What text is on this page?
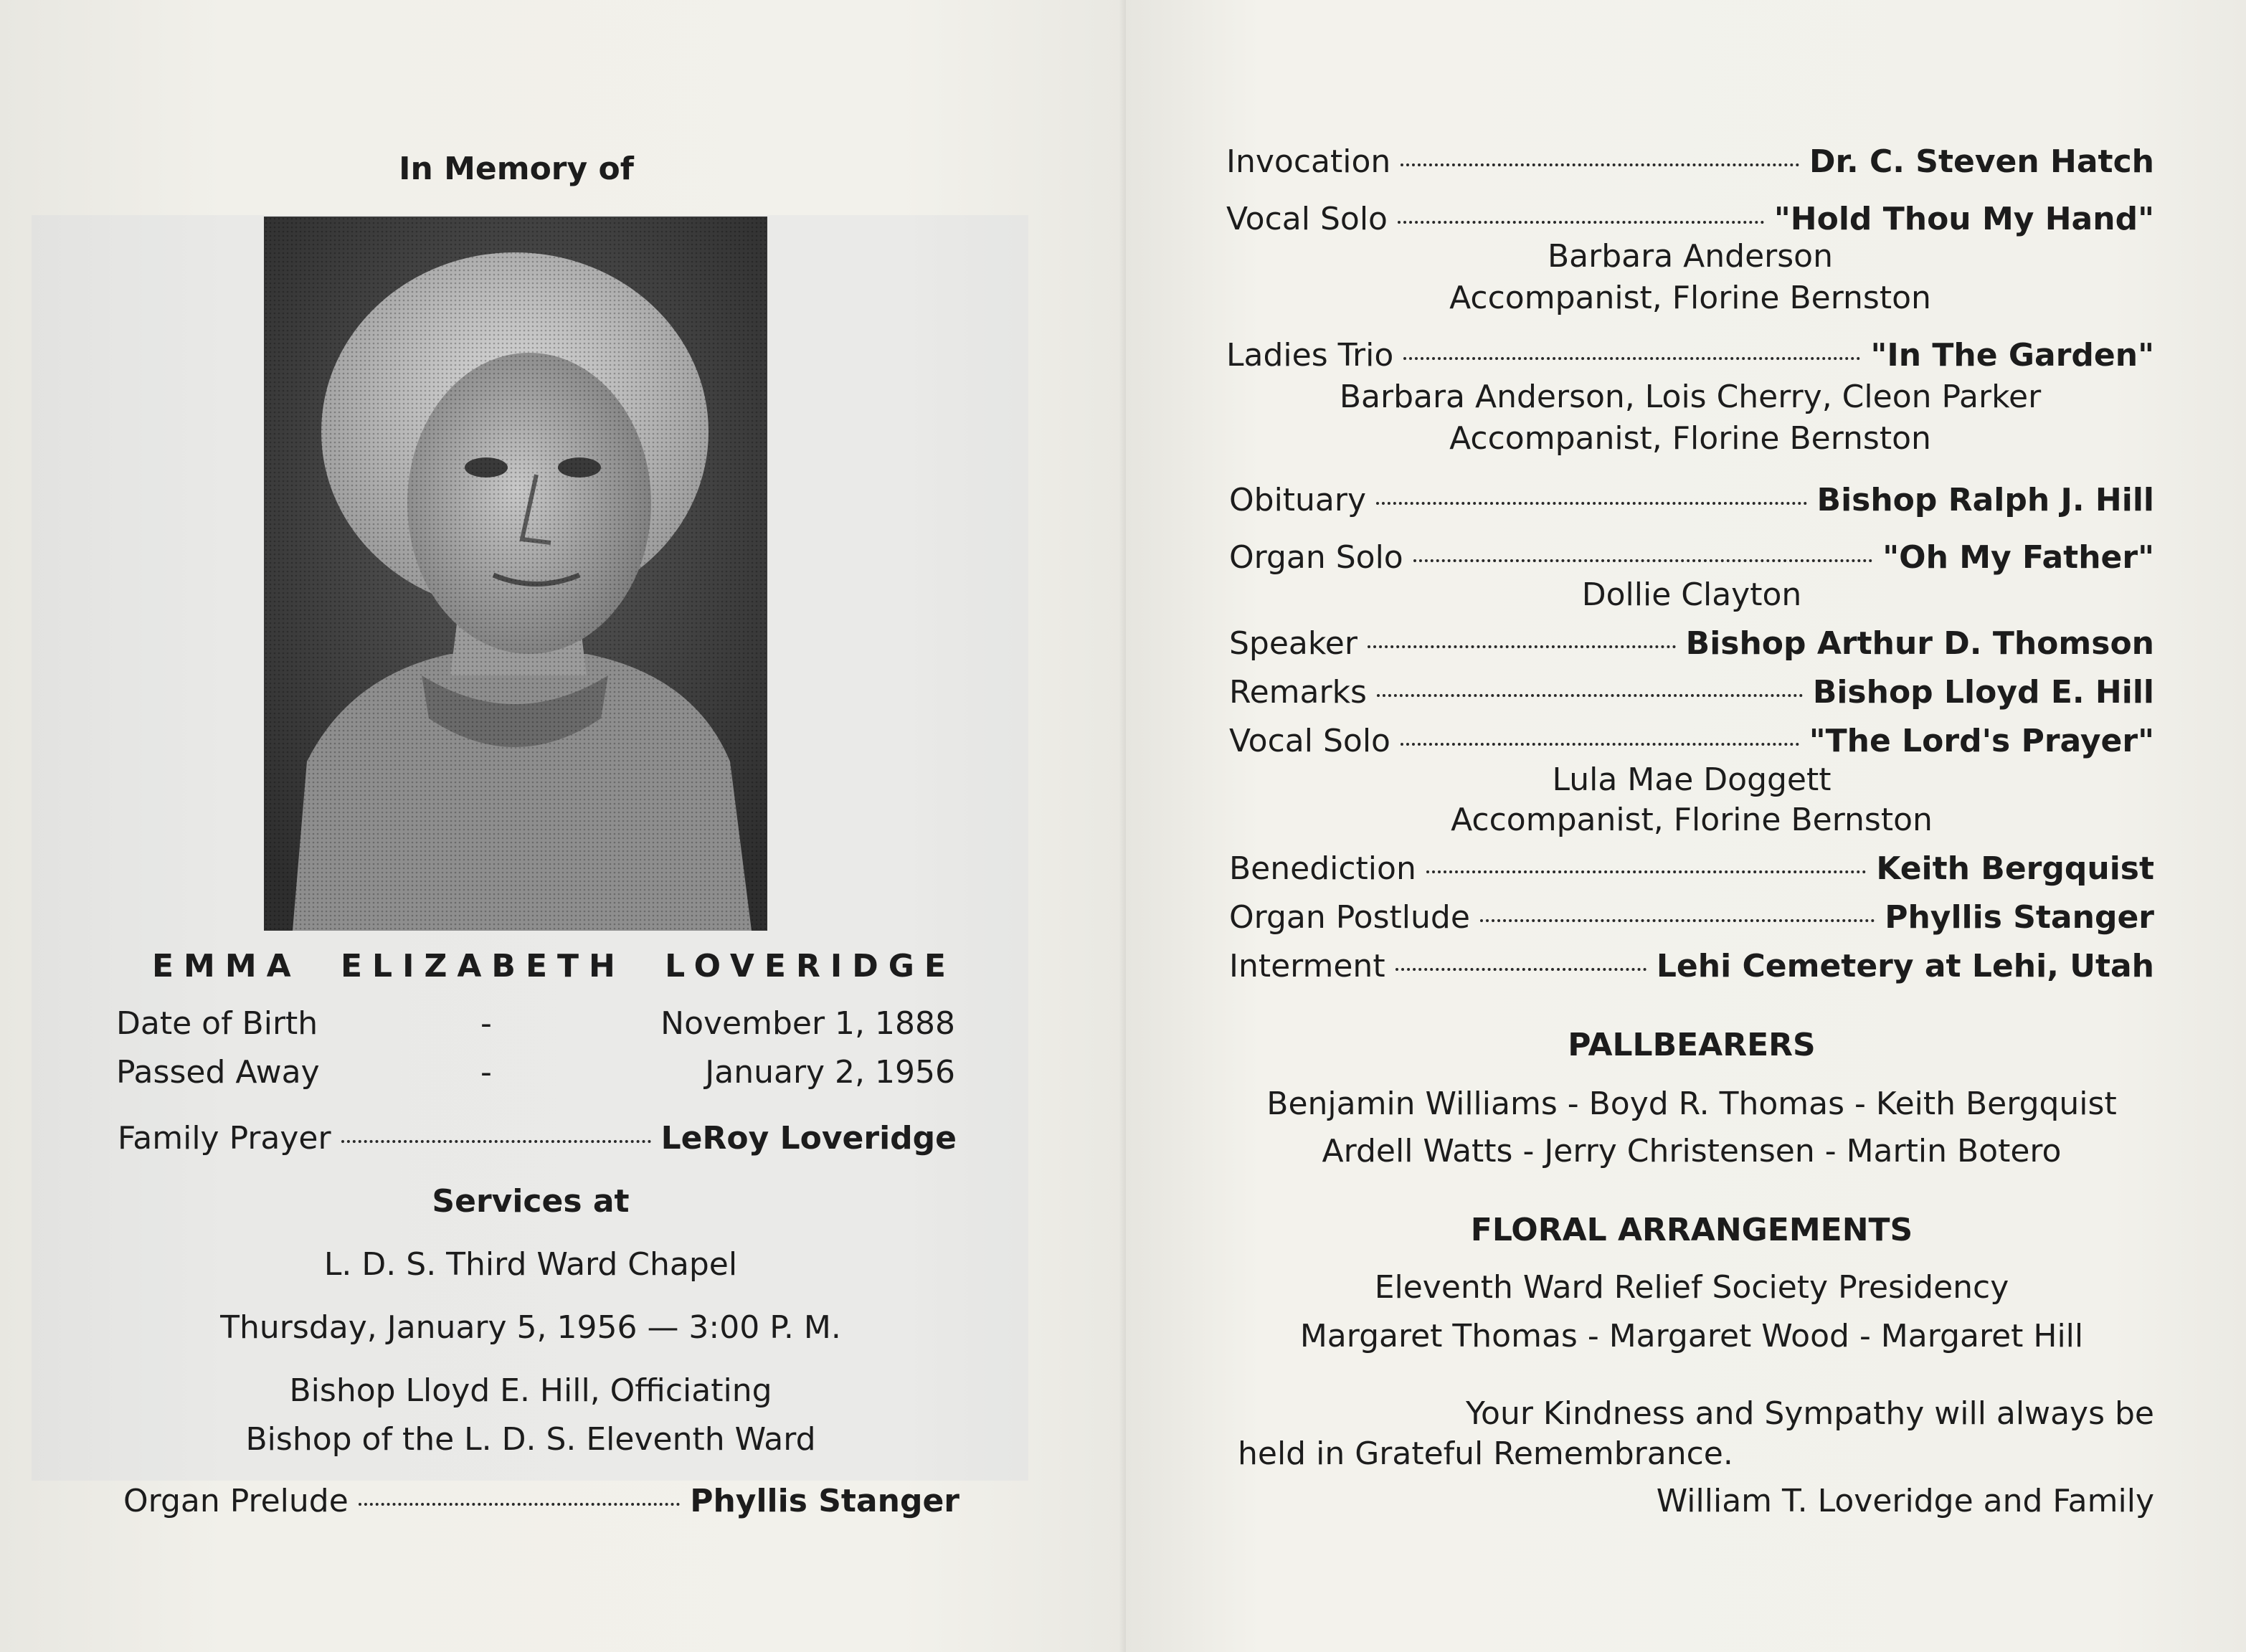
In Memory of
EMMA ELIZABETH LOVERIDGE
Date of Birth	-	November 1, 1888
Passed Away	-	January 2, 1956
Family Prayer	LeRoy Loveridge
Services at
L. D. S. Third Ward Chapel
Thursday, January 5, 1956 — 3:00 P. M.
Bishop Lloyd E. Hill, Officiating
Bishop of the L. D. S. Eleventh Ward
Organ Prelude	Phyllis Stanger
Invocation	Dr. C. Steven Hatch
Vocal Solo	"Hold Thou My Hand"
Barbara Anderson
Accompanist, Florine Bernston
Ladies Trio	"In The Garden"
Barbara Anderson, Lois Cherry, Cleon Parker
Accompanist, Florine Bernston
Obituary	Bishop Ralph J. Hill
Organ Solo	"Oh My Father"
Dollie Clayton
Speaker	Bishop Arthur D. Thomson
Remarks	Bishop Lloyd E. Hill
Vocal Solo	"The Lord's Prayer"
Lula Mae Doggett
Accompanist, Florine Bernston
Benediction	Keith Bergquist
Organ Postlude	Phyllis Stanger
Interment	Lehi Cemetery at Lehi, Utah
PALLBEARERS
Benjamin Williams - Boyd R. Thomas - Keith Bergquist
Ardell Watts - Jerry Christensen - Martin Botero
FLORAL ARRANGEMENTS
Eleventh Ward Relief Society Presidency
Margaret Thomas - Margaret Wood - Margaret Hill
Your Kindness and Sympathy will always be
held in Grateful Remembrance.
William T. Loveridge and Family
